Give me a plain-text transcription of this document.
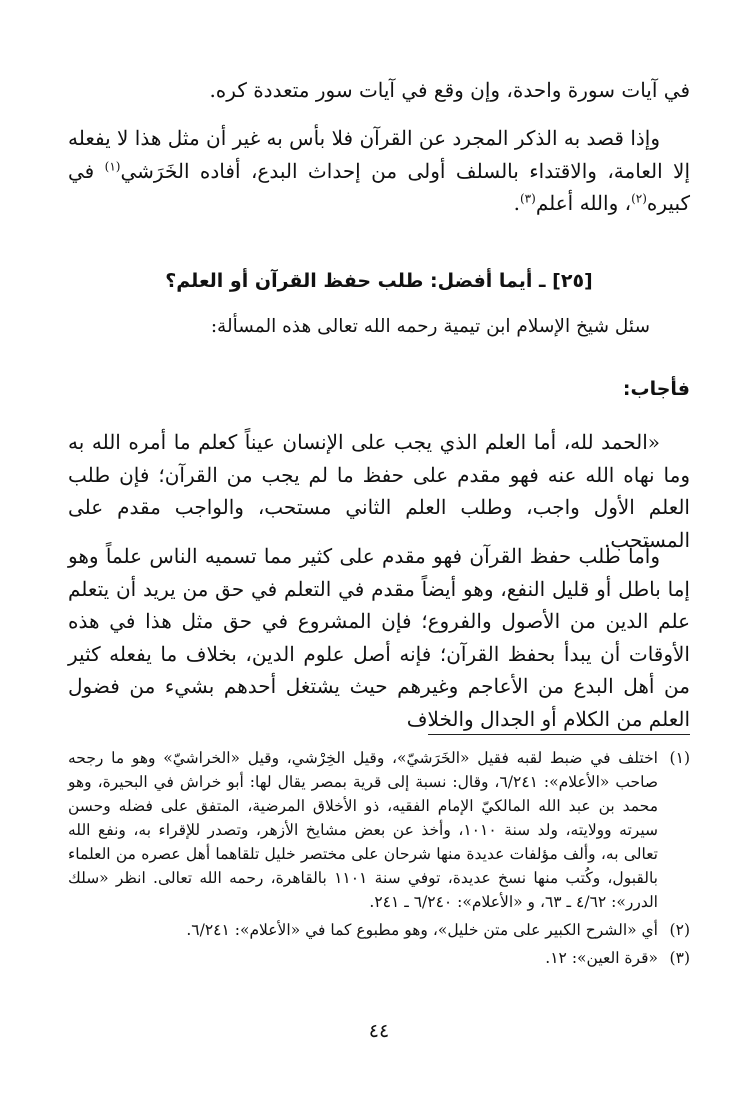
في آيات سورة واحدة، وإن وقع في آيات سور متعددة كره.

وإذا قصد به الذكر المجرد عن القرآن فلا بأس به غير أن مثل هذا لا يفعله إلا العامة، والاقتداء بالسلف أولى من إحداث البدع، أفاده الخَرَشي$^{(١)}$ في كبيره$^{(٢)}$، والله أعلم$^{(٣)}$.

[٢٥] ـ أيما أفضل: طلب حفظ القرآن أو العلم؟

سئل شيخ الإسلام ابن تيمية رحمه الله تعالى هذه المسألة:

فأجاب:

«الحمد لله، أما العلم الذي يجب على الإنسان عيناً كعلم ما أمره الله به وما نهاه الله عنه فهو مقدم على حفظ ما لم يجب من القرآن؛ فإن طلب العلم الأول واجب، وطلب العلم الثاني مستحب، والواجب مقدم على المستحب.

وأما طلب حفظ القرآن فهو مقدم على كثير مما تسميه الناس علماً وهو إما باطل أو قليل النفع، وهو أيضاً مقدم في التعلم في حق من يريد أن يتعلم علم الدين من الأصول والفروع؛ فإن المشروع في حق مثل هذا في هذه الأوقات أن يبدأ بحفظ القرآن؛ فإنه أصل علوم الدين، بخلاف ما يفعله كثير من أهل البدع من الأعاجم وغيرهم حيث يشتغل أحدهم بشيء من فضول العلم من الكلام أو الجدال والخلاف

(١)
اختلف في ضبط لقبه فقيل «الخَرَشيّ»، وقيل الخِرْشي، وقيل «الخراشيّ» وهو ما رجحه صاحب «الأعلام»: ٦/٢٤١، وقال: نسبة إلى قرية بمصر يقال لها: أبو خراش في البحيرة، وهو محمد بن عبد الله المالكيّ الإمام الفقيه، ذو الأخلاق المرضية، المتفق على فضله وحسن سيرته وولايته، ولد سنة ١٠١٠، وأخذ عن بعض مشايخ الأزهر، وتصدر للإقراء به، ونفع الله تعالى به، وألف مؤلفات عديدة منها شرحان على مختصر خليل تلقاهما أهل عصره من العلماء بالقبول، وكُتب منها نسخ عديدة، توفي سنة ١١٠١ بالقاهرة، رحمه الله تعالى. انظر «سلك الدرر»: ٤/٦٢ ـ ٦٣، و «الأعلام»: ٦/٢٤٠ ـ ٢٤١.

(٢)
أي «الشرح الكبير على متن خليل»، وهو مطبوع كما في «الأعلام»: ٦/٢٤١.

(٣)
«قرة العين»: ١٢.

٤٤
